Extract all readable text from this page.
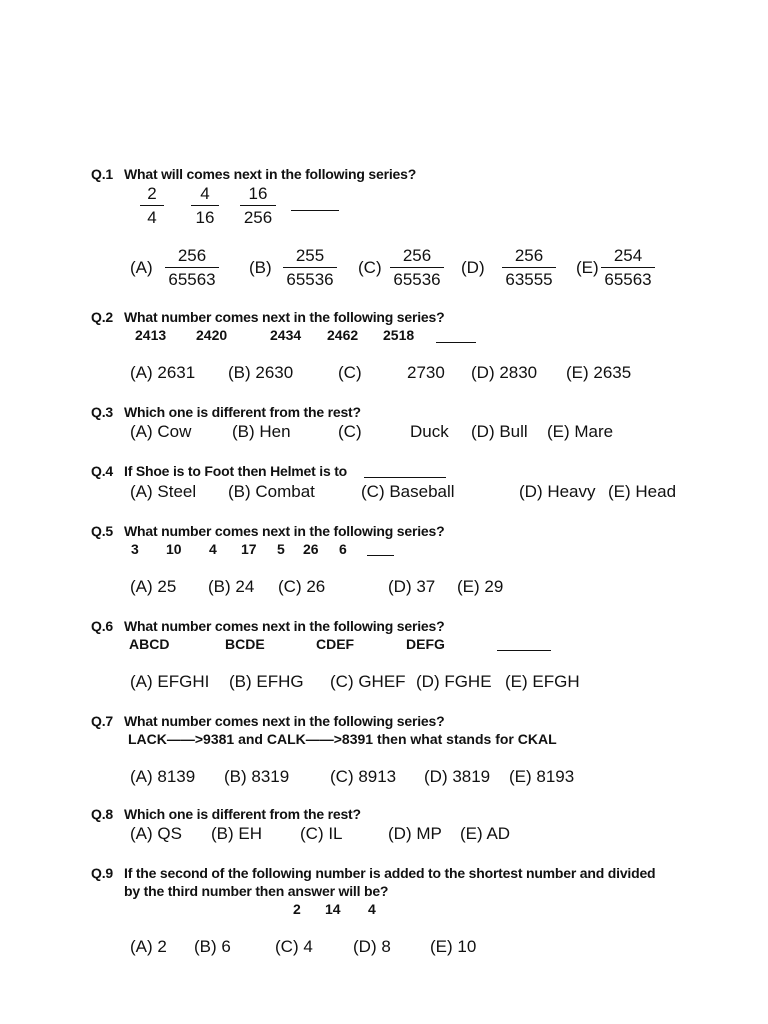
Q.1 What will comes next in the following series?
2
4
4
16
16
256
(A)
256
65563
(B)
255
65536
(C)
256
65536
(D)
256
63555
(E)
254
65563
Q.2 What number comes next in the following series?
2413 2420	2434 2462 2518
(A) 2631 (B) 2630	(C)	2730 (D) 2830 (E) 2635
Q.3 Which one is different from the rest?
(A) Cow (B) Hen	(C)	Duck (D) Bull (E) Mare
Q.4 If Shoe is to Foot then Helmet is to
(A) Steel (B) Combat	(C) Baseball	(D) Heavy (E) Head
Q.5 What number comes next in the following series?
3 10 4 17 5 26 6
(A) 25 (B) 24 (C) 26	(D) 37 (E) 29
Q.6 What number comes next in the following series?
ABCD	BCDE	CDEF	DEFG
(A) EFGHI (B) EFHG (C) GHEF (D) FGHE (E) EFGH
Q.7 What number comes next in the following series?
LACK——>9381 and CALK——>8391 then what stands for CKAL
(A) 8139 (B) 8319 (C) 8913 (D) 3819 (E) 8193
Q.8 Which one is different from the rest?
(A) QS (B) EH (C) IL	(D) MP (E) AD
Q.9 If the second of the following number is added to the shortest number and divided
by the third number then answer will be?
2 14 4
(A) 2 (B) 6	(C) 4 (D) 8 (E) 10
